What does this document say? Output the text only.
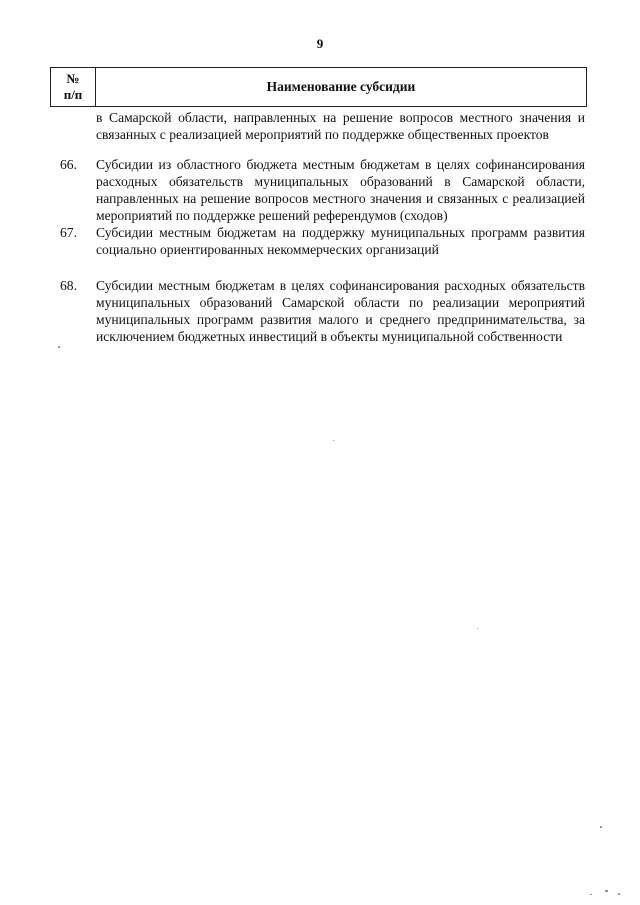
9
№
п/п
Наименование субсидии
в Самарской области, направленных на решение вопросов местного значения и связанных с реализацией мероприятий по поддержке общественных проектов
66.	Субсидии из областного бюджета местным бюджетам в целях софинансирования расходных обязательств муниципальных образований в Самарской области, направленных на решение вопросов местного значения и связанных с реализацией мероприятий по поддержке решений референдумов (сходов)
67.	Субсидии местным бюджетам на поддержку муниципальных программ развития социально ориентированных некоммерческих организаций
68.	Субсидии местным бюджетам в целях софинансирования расходных обязательств муниципальных образований Самарской области по реализации мероприятий муниципальных программ развития малого и среднего предпринимательства, за исключением бюджетных инвестиций в объекты муниципальной собственности
